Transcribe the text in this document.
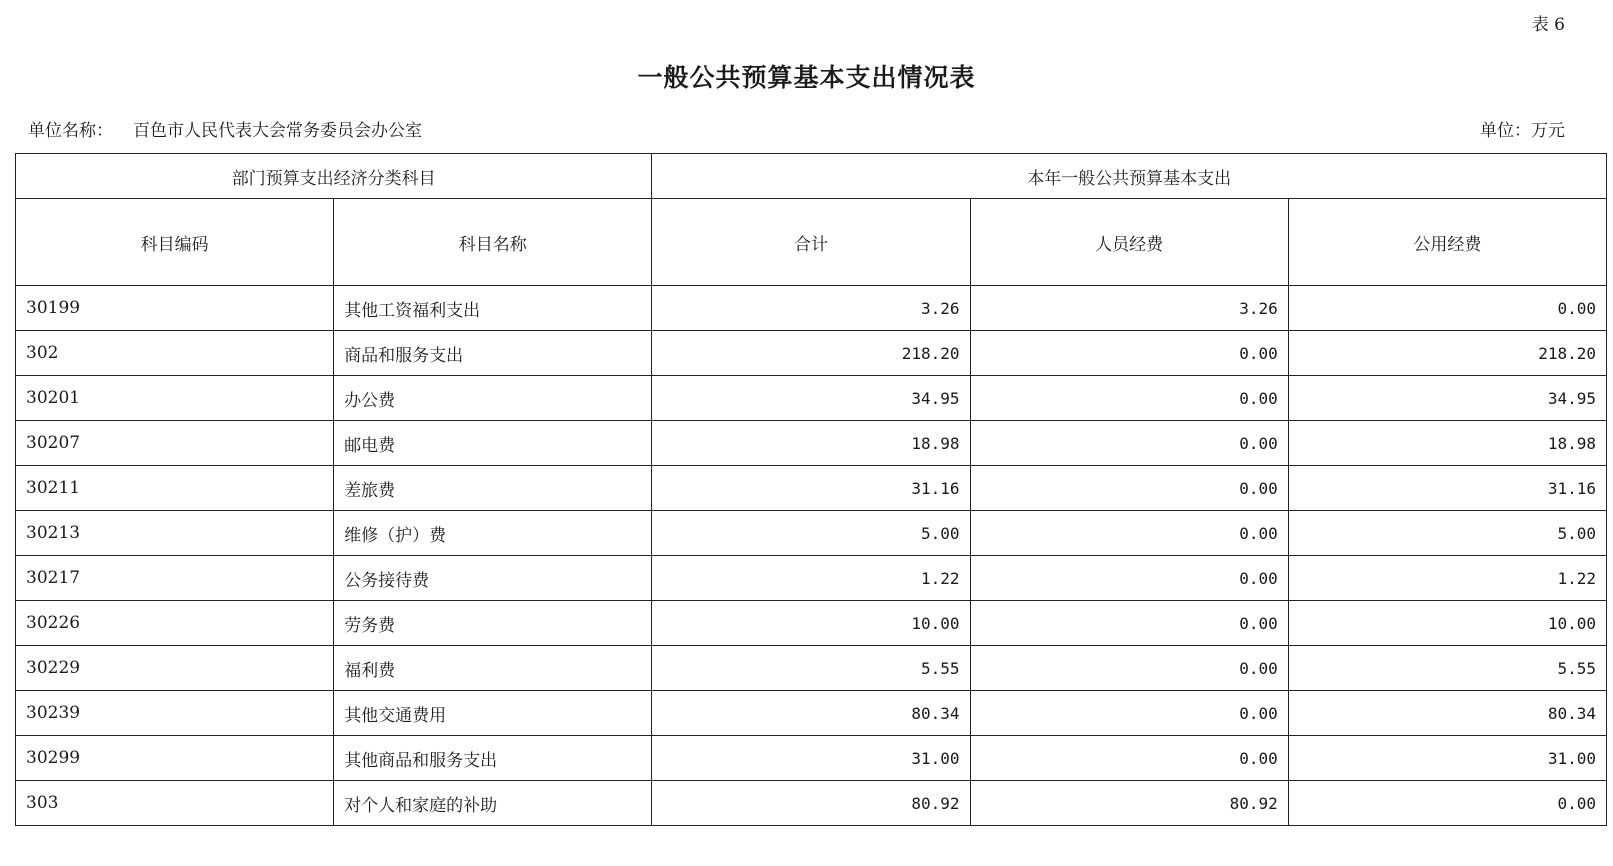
表 6
一般公共预算基本支出情况表
单位名称： 百色市人民代表大会常务委员会办公室	单位：万元
部门预算支出经济分类科目		本年一般公共预算基本支出		
科目编码	科目名称	合计	人员经费	公用经费
30199	其他工资福利支出	3.26	3.26	0.00
302	商品和服务支出	218.20	0.00	218.20
30201	办公费	34.95	0.00	34.95
30207	邮电费	18.98	0.00	18.98
30211	差旅费	31.16	0.00	31.16
30213	维修（护）费	5.00	0.00	5.00
30217	公务接待费	1.22	0.00	1.22
30226	劳务费	10.00	0.00	10.00
30229	福利费	5.55	0.00	5.55
30239	其他交通费用	80.34	0.00	80.34
30299	其他商品和服务支出	31.00	0.00	31.00
303	对个人和家庭的补助	80.92	80.92	0.00
